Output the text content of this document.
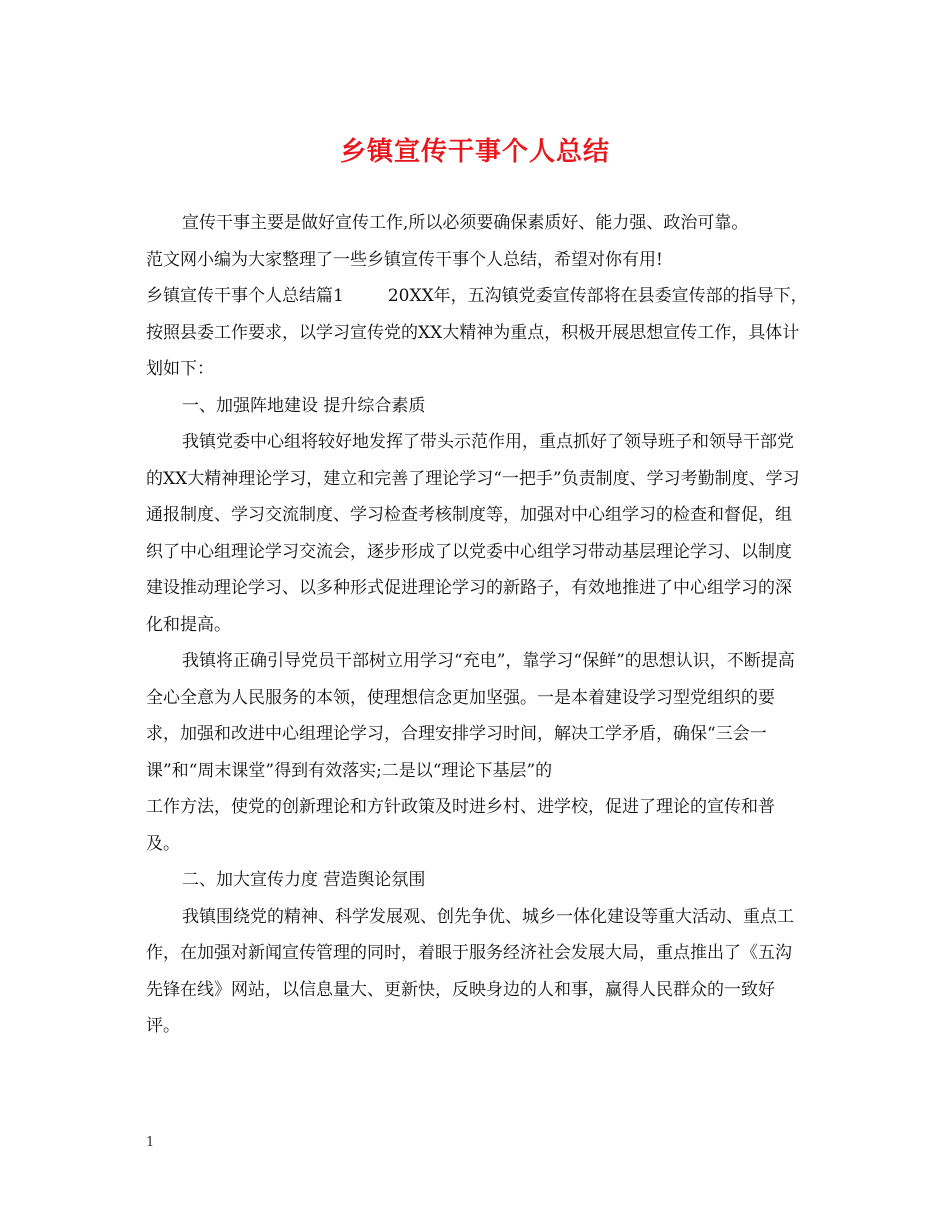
乡镇宣传干事个人总结

宣传干事主要是做好宣传工作,所以必须要确保素质好、能力强、政治可靠。

范文网小编为大家整理了一些乡镇宣传干事个人总结，希望对你有用!

乡镇宣传干事个人总结篇1	20XX年，五沟镇党委宣传部将在县委宣传部的指导下，按照县委工作要求，以学习宣传党的XX大精神为重点，积极开展思想宣传工作，具体计划如下：

一、加强阵地建设 提升综合素质

我镇党委中心组将较好地发挥了带头示范作用，重点抓好了领导班子和领导干部党的XX大精神理论学习，建立和完善了理论学习“一把手”负责制度、学习考勤制度、学习通报制度、学习交流制度、学习检查考核制度等，加强对中心组学习的检查和督促，组织了中心组理论学习交流会，逐步形成了以党委中心组学习带动基层理论学习、以制度建设推动理论学习、以多种形式促进理论学习的新路子，有效地推进了中心组学习的深化和提高。

我镇将正确引导党员干部树立用学习“充电”，靠学习“保鲜”的思想认识，不断提高全心全意为人民服务的本领，使理想信念更加坚强。一是本着建设学习型党组织的要求，加强和改进中心组理论学习，合理安排学习时间，解决工学矛盾，确保“三会一课”和“周末课堂”得到有效落实;二是以“理论下基层”的

工作方法，使党的创新理论和方针政策及时进乡村、进学校，促进了理论的宣传和普及。

二、加大宣传力度 营造舆论氛围

我镇围绕党的精神、科学发展观、创先争优、城乡一体化建设等重大活动、重点工作，在加强对新闻宣传管理的同时，着眼于服务经济社会发展大局，重点推出了《五沟先锋在线》网站，以信息量大、更新快，反映身边的人和事，赢得人民群众的一致好评。

1
